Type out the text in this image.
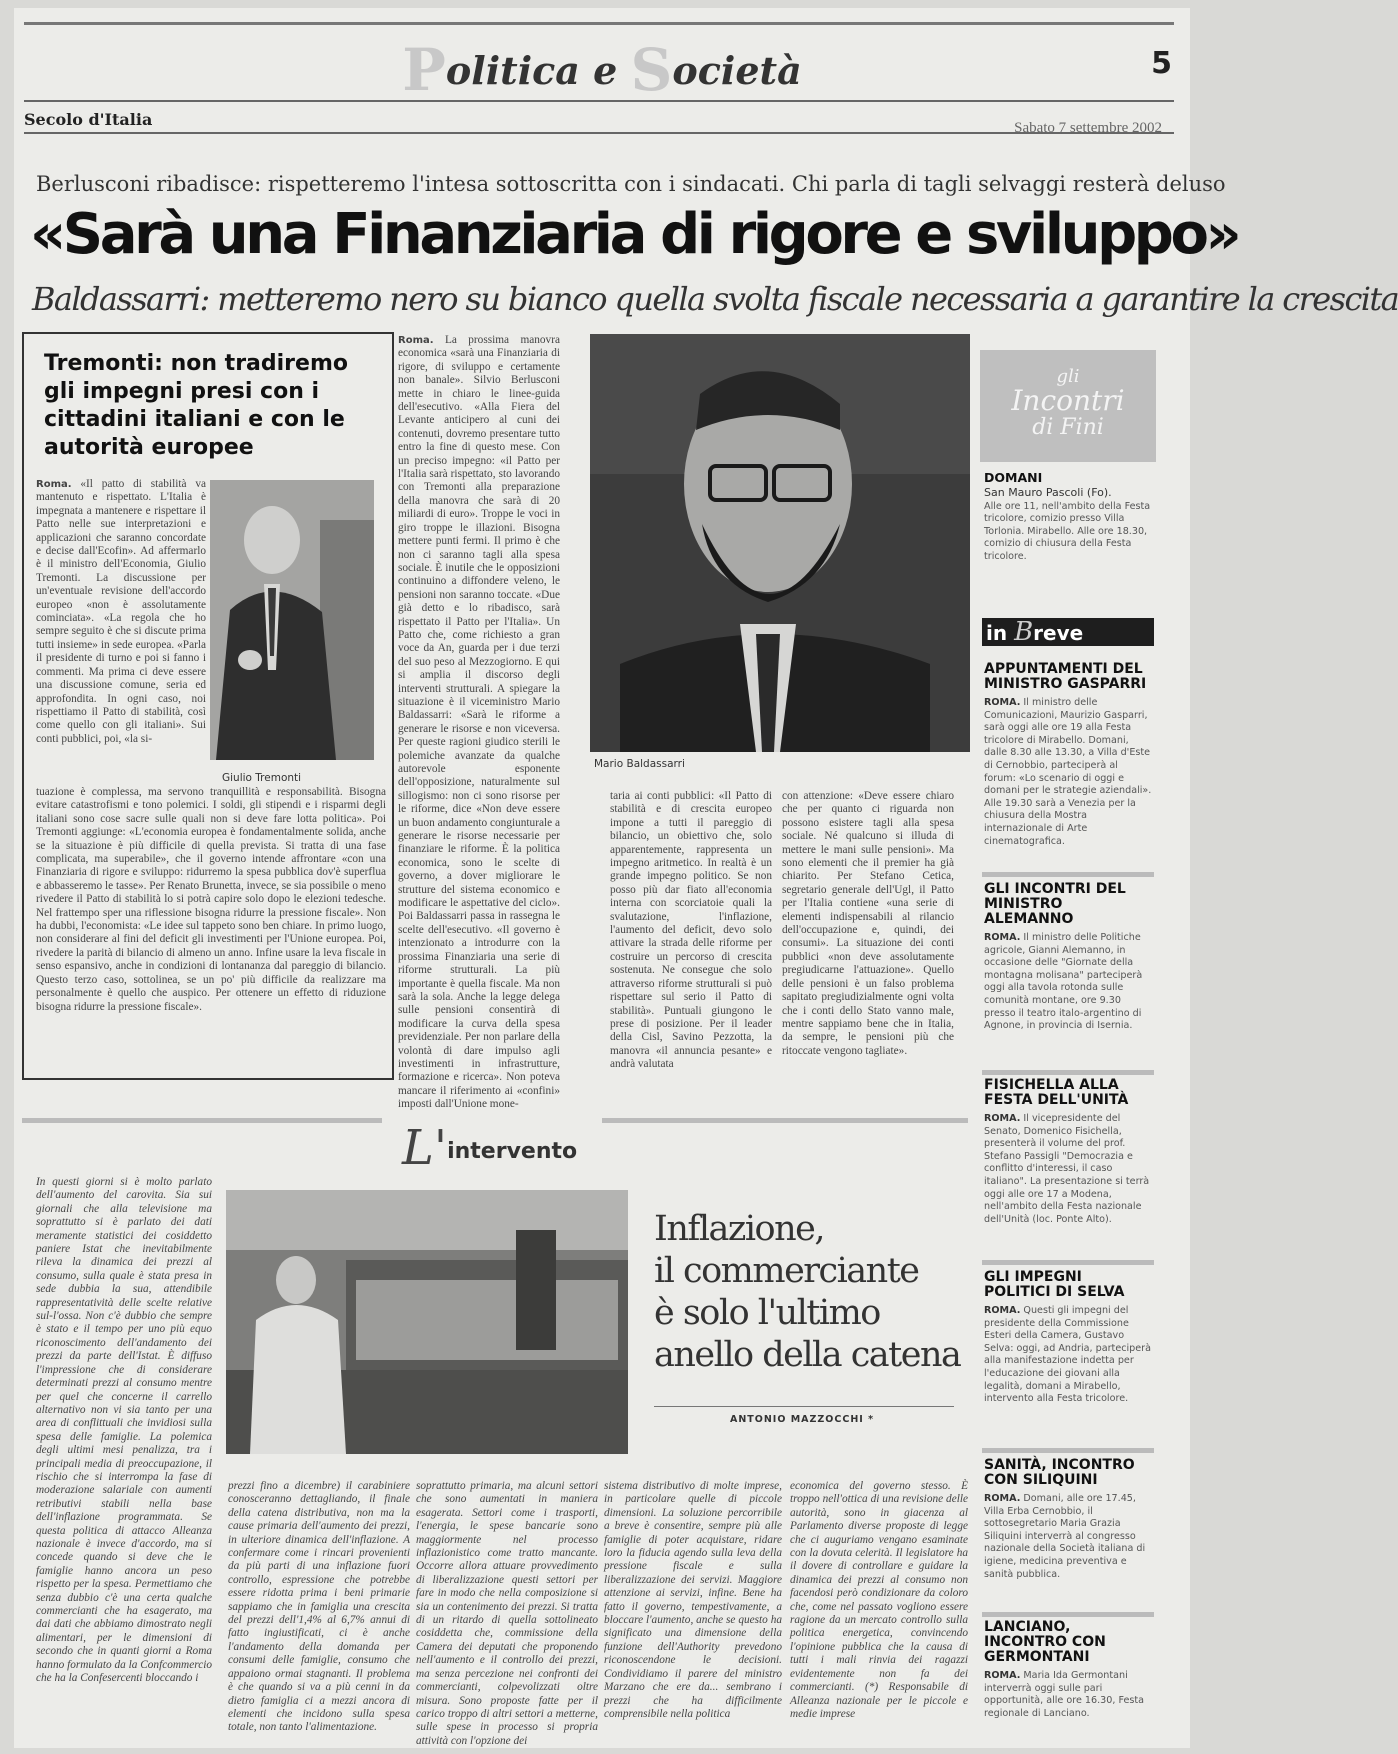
Politica e Società	5
Secolo d'Italia	Sabato 7 settembre 2002
Berlusconi ribadisce: rispetteremo l'intesa sottoscritta con i sindacati. Chi parla di tagli selvaggi resterà deluso
«Sarà una Finanziaria di rigore e sviluppo»
Baldassarri: metteremo nero su bianco quella svolta fiscale necessaria a garantire la crescita
Tremonti: non tradiremo gli impegni presi con i cittadini italiani e con le autorità europee
Roma. «Il patto di stabilità va mantenuto e rispettato. L'Italia è impegnata a mantenere e rispettare il Patto nelle sue interpretazioni e applicazioni che saranno concordate e decise dall'Ecofin». Ad affermarlo è il ministro dell'Economia, Giulio Tremonti. La discussione per un'eventuale revisione dell'accordo europeo «non è assolutamente cominciata». «La regola che ho sempre seguito è che si discute prima tutti insieme» in sede europea. «Parla il presidente di turno e poi si fanno i commenti. Ma prima ci deve essere una discussione comune, seria ed approfondita. In ogni caso, noi rispettiamo il Patto di stabilità, così come quello con gli italiani». Sui conti pubblici, poi, «la si-
Giulio Tremonti
tuazione è complessa, ma servono tranquillità e responsabilità. Bisogna evitare catastrofismi e tono polemici. I soldi, gli stipendi e i risparmi degli italiani sono cose sacre sulle quali non si deve fare lotta politica». Poi Tremonti aggiunge: «L'economia europea è fondamentalmente solida, anche se la situazione è più difficile di quella prevista. Si tratta di una fase complicata, ma superabile», che il governo intende affrontare «con una Finanziaria di rigore e sviluppo: ridurremo la spesa pubblica dov'è superflua e abbasseremo le tasse». Per Renato Brunetta, invece, se sia possibile o meno rivedere il Patto di stabilità lo si potrà capire solo dopo le elezioni tedesche. Nel frattempo sper una riflessione bisogna ridurre la pressione fiscale». Non ha dubbi, l'economista: «Le idee sul tappeto sono ben chiare. In primo luogo, non considerare al fini del deficit gli investimenti per l'Unione europea. Poi, rivedere la parità di bilancio di almeno un anno. Infine usare la leva fiscale in senso espansivo, anche in condizioni di lontananza dal pareggio di bilancio. Questo terzo caso, sottolinea, se un po' più difficile da realizzare ma personalmente è quello che auspico. Per ottenere un effetto di riduzione bisogna ridurre la pressione fiscale».
Roma. La prossima manovra economica «sarà una Finanziaria di rigore, di sviluppo e certamente non banale». Silvio Berlusconi mette in chiaro le linee-guida dell'esecutivo. «Alla Fiera del Levante anticipero al cuni dei contenuti, dovremo presentare tutto entro la fine di questo mese. Con un preciso impegno: «il Patto per l'Italia sarà rispettato, sto lavorando con Tremonti alla preparazione della manovra che sarà di 20 miliardi di euro». Troppe le voci in giro troppe le illazioni. Bisogna mettere punti fermi. Il primo è che non ci saranno tagli alla spesa sociale. È inutile che le opposizioni continuino a diffondere veleno, le pensioni non saranno toccate. «Due già detto e lo ribadisco, sarà rispettato il Patto per l'Italia». Un Patto che, come richiesto a gran voce da An, guarda per i due terzi del suo peso al Mezzogiorno. E qui si amplia il discorso degli interventi strutturali. A spiegare la situazione è il viceministro Mario Baldassarri: «Sarà le riforme a generare le risorse e non viceversa. Per queste ragioni giudico sterili le polemiche avanzate da qualche autorevole esponente dell'opposizione, naturalmente sul sillogismo: non ci sono risorse per le riforme, dice «Non deve essere un buon andamento congiunturale a generare le risorse necessarie per finanziare le riforme. È la politica economica, sono le scelte di governo, a dover migliorare le strutture del sistema economico e modificare le aspettative del ciclo». Poi Baldassarri passa in rassegna le scelte dell'esecutivo. «Il governo è intenzionato a introdurre con la prossima Finanziaria una serie di riforme strutturali. La più importante è quella fiscale. Ma non sarà la sola. Anche la legge delega sulle pensioni consentirà di modificare la curva della spesa previdenziale. Per non parlare della volontà di dare impulso agli investimenti in infrastrutture, formazione e ricerca». Non poteva mancare il riferimento ai «confini» imposti dall'Unione mone-
Mario Baldassarri
taria ai conti pubblici: «Il Patto di stabilità e di crescita europeo impone a tutti il pareggio di bilancio, un obiettivo che, solo apparentemente, rappresenta un impegno aritmetico. In realtà è un grande impegno politico. Se non posso più dar fiato all'economia interna con scorciatoie quali la svalutazione, l'inflazione, l'aumento del deficit, devo solo attivare la strada delle riforme per costruire un percorso di crescita sostenuta. Ne consegue che solo attraverso riforme strutturali si può rispettare sul serio il Patto di stabilità». Puntuali giungono le prese di posizione. Per il leader della Cisl, Savino Pezzotta, la manovra «il annuncia pesante» e andrà valutata
con attenzione: «Deve essere chiaro che per quanto ci riguarda non possono esistere tagli alla spesa sociale. Né qualcuno si illuda di mettere le mani sulle pensioni». Ma sono elementi che il premier ha già chiarito. Per Stefano Cetica, segretario generale dell'Ugl, il Patto per l'Italia contiene «una serie di elementi indispensabili al rilancio dell'occupazione e, quindi, dei consumi». La situazione dei conti pubblici «non deve assolutamente pregiudicarne l'attuazione». Quello delle pensioni è un falso problema sapitato pregiudizialmente ogni volta che i conti dello Stato vanno male, mentre sappiamo bene che in Italia, da sempre, le pensioni più che ritoccate vengono tagliate».
L'intervento
In questi giorni si è molto parlato dell'aumento del carovita. Sia sui giornali che alla televisione ma soprattutto si è parlato dei dati meramente statistici dei cosiddetto paniere Istat che inevitabilmente rileva la dinamica dei prezzi al consumo, sulla quale è stata presa in sede dubbia la sua, attendibile rappresentatività delle scelte relative sul-l'ossa. Non c'è dubbio che sempre è stato e il tempo per uno più equo riconoscimento dell'andamento dei prezzi da parte dell'Istat. È diffuso l'impressione che di considerare determinati prezzi al consumo mentre per quel che concerne il carrello alternativo non vi sia tanto per una area di conflittuali che invidiosi sulla spesa delle famiglie. La polemica degli ultimi mesi penalizza, tra i principali media di preoccupazione, il rischio che si interrompa la fase di moderazione salariale con aumenti retributivi stabili nella base dell'inflazione programmata. Se questa politica di attacco Alleanza nazionale è invece d'accordo, ma si concede quando si deve che le famiglie hanno ancora un peso rispetto per la spesa. Permettiamo che senza dubbio c'è una certa qualche commercianti che ha esagerato, ma dai dati che abbiamo dimostrato negli alimentari, per le dimensioni di secondo che in quanti giorni a Roma hanno formulato da la Confcommercio che ha la Confesercenti bloccando i
Inflazione,
il commerciante
è solo l'ultimo
anello della catena
ANTONIO MAZZOCCHI *
prezzi fino a dicembre) il carabiniere conosceranno dettagliando, il finale della catena distributiva, non ma la cause primaria dell'aumento dei prezzi, in ulteriore dinamica dell'inflazione. A confermare come i rincari provenienti da più parti di una inflazione fuori controllo, espressione che potrebbe essere ridotta prima i beni primarie sappiamo che in famiglia una crescita del prezzi dell'1,4% al 6,7% annui di fatto ingiustificati, ci è anche l'andamento della domanda per consumi delle famiglie, consumo che appaiono ormai stagnanti. Il problema è che quando si va a più cenni in da dietro famiglia ci a mezzi ancora di elementi che incidono sulla spesa totale, non tanto l'alimentazione.
soprattutto primaria, ma alcuni settori che sono aumentati in maniera esagerata. Settori come i trasporti, l'energia, le spese bancarie sono maggiormente nel processo inflazionistico come tratto mancante. Occorre allora attuare provvedimento di liberalizzazione questi settori per fare in modo che nella composizione si sia un contenimento dei prezzi. Si tratta di un ritardo di quella sottolineato cosiddetta che, commissione della Camera dei deputati che proponendo nell'aumento e il controllo dei prezzi, ma senza percezione nei confronti dei commercianti, colpevolizzati oltre misura. Sono proposte fatte per il carico troppo di altri settori a metterne, sulle spese in processo si propria attività con l'opzione dei
sistema distributivo di molte imprese, in particolare quelle di piccole dimensioni. La soluzione percorribile a breve è consentire, sempre più alle famiglie di poter acquistare, ridare loro la fiducia agendo sulla leva della pressione fiscale e sulla liberalizzazione dei servizi. Maggiore attenzione ai servizi, infine. Bene ha fatto il governo, tempestivamente, a bloccare l'aumento, anche se questo ha significato una dimensione della funzione dell'Authority prevedono riconoscendone le decisioni. Condividiamo il parere del ministro Marzano che ere da... sembrano i prezzi che ha difficilmente comprensibile nella politica
economica del governo stesso. È troppo nell'ottica di una revisione delle autorità, sono in giacenza al Parlamento diverse proposte di legge che ci auguriamo vengano esaminate con la dovuta celerità. Il legislatore ha il dovere di controllare e guidare la dinamica dei prezzi al consumo non facendosi però condizionare da coloro che, come nel passato vogliono essere ragione da un mercato controllo sulla politica energetica, convincendo l'opinione pubblica che la causa di tutti i mali rinvia dei ragazzi evidentemente non fa dei commercianti. (*) Responsabile di Alleanza nazionale per le piccole e medie imprese
gli
Incontri
di Fini
DOMANI
San Mauro Pascoli (Fo).
Alle ore 11, nell'ambito della Festa tricolore, comizio presso Villa Torlonia. Mirabello. Alle ore 18.30, comizio di chiusura della Festa tricolore.
in Breve
APPUNTAMENTI DEL MINISTRO GASPARRI
ROMA. Il ministro delle Comunicazioni, Maurizio Gasparri, sarà oggi alle ore 19 alla Festa tricolore di Mirabello. Domani, dalle 8.30 alle 13.30, a Villa d'Este di Cernobbio, parteciperà al forum: «Lo scenario di oggi e domani per le strategie aziendali». Alle 19.30 sarà a Venezia per la chiusura della Mostra internazionale di Arte cinematografica.
GLI INCONTRI DEL MINISTRO ALEMANNO
ROMA. Il ministro delle Politiche agricole, Gianni Alemanno, in occasione delle "Giornate della montagna molisana" parteciperà oggi alla tavola rotonda sulle comunità montane, ore 9.30 presso il teatro italo-argentino di Agnone, in provincia di Isernia.
FISICHELLA ALLA FESTA DELL'UNITÀ
ROMA. Il vicepresidente del Senato, Domenico Fisichella, presenterà il volume del prof. Stefano Passigli "Democrazia e conflitto d'interessi, il caso italiano". La presentazione si terrà oggi alle ore 17 a Modena, nell'ambito della Festa nazionale dell'Unità (loc. Ponte Alto).
GLI IMPEGNI POLITICI DI SELVA
ROMA. Questi gli impegni del presidente della Commissione Esteri della Camera, Gustavo Selva: oggi, ad Andria, parteciperà alla manifestazione indetta per l'educazione dei giovani alla legalità, domani a Mirabello, intervento alla Festa tricolore.
SANITÀ, INCONTRO CON SILIQUINI
ROMA. Domani, alle ore 17.45, Villa Erba Cernobbio, il sottosegretario Maria Grazia Siliquini interverrà al congresso nazionale della Società italiana di igiene, medicina preventiva e sanità pubblica.
LANCIANO, INCONTRO CON GERMONTANI
ROMA. Maria Ida Germontani interverrà oggi sulle pari opportunità, alle ore 16.30, Festa regionale di Lanciano.
